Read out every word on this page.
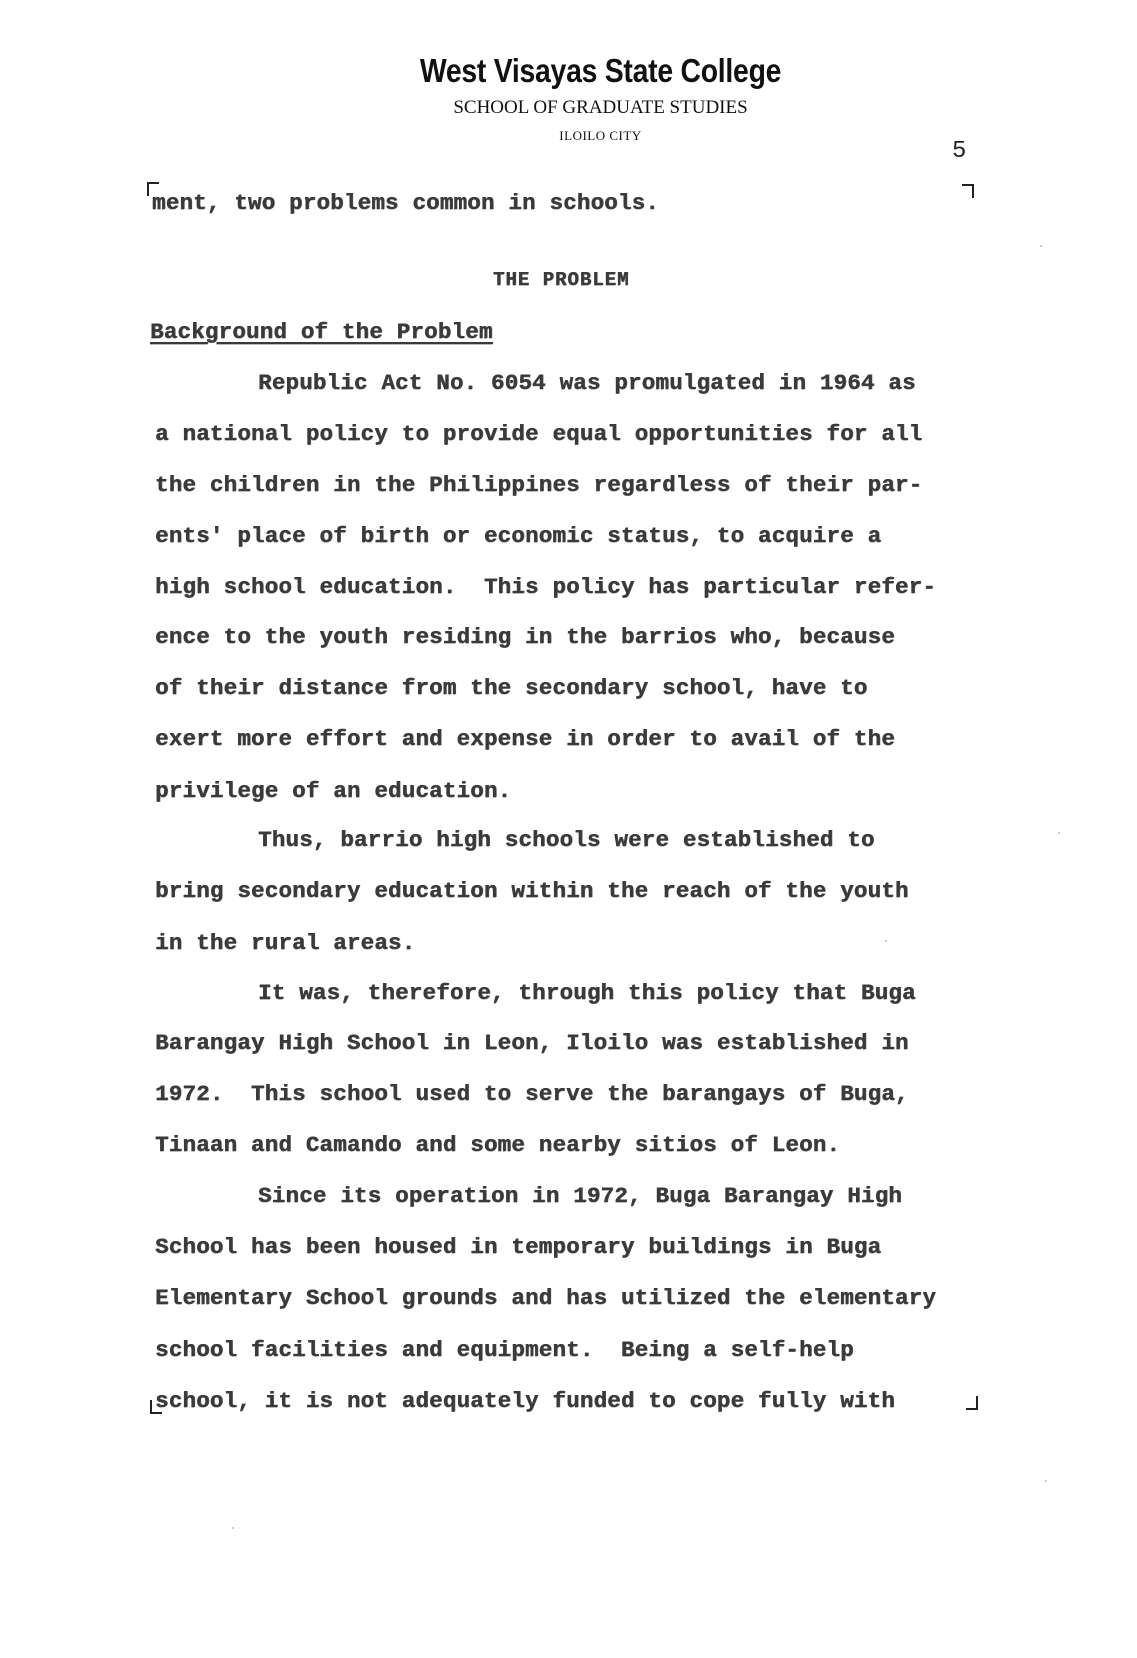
West Visayas State College
SCHOOL OF GRADUATE STUDIES
ILOILO CITY
5
ment, two problems common in schools.
THE PROBLEM
Background of the Problem
Republic Act No. 6054 was promulgated in 1964 as
a national policy to provide equal opportunities for all
the children in the Philippines regardless of their par-
ents' place of birth or economic status, to acquire a
high school education.  This policy has particular refer-
ence to the youth residing in the barrios who, because
of their distance from the secondary school, have to
exert more effort and expense in order to avail of the
privilege of an education.
Thus, barrio high schools were established to
bring secondary education within the reach of the youth
in the rural areas.
It was, therefore, through this policy that Buga
Barangay High School in Leon, Iloilo was established in
1972.  This school used to serve the barangays of Buga,
Tinaan and Camando and some nearby sitios of Leon.
Since its operation in 1972, Buga Barangay High
School has been housed in temporary buildings in Buga
Elementary School grounds and has utilized the elementary
school facilities and equipment.  Being a self-help
school, it is not adequately funded to cope fully with
